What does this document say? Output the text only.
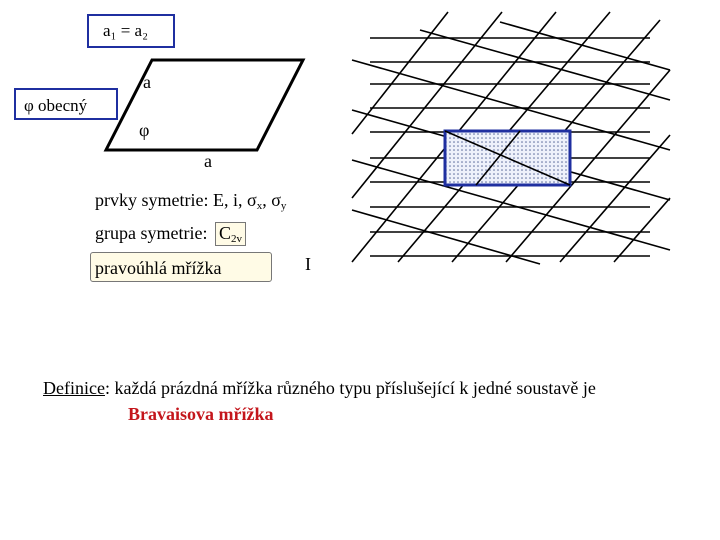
a₁ = a₂
φ obecný
a
φ
a
prvky symetrie: E, i, $\sigma_x$, $\sigma_y$
grupa symetrie: $C_{2v}$
pravoúhlá mřížka	I
Definice: každá prázdná mřížka různého typu příslušející k jedné soustavě je
Bravaisova mřížka
